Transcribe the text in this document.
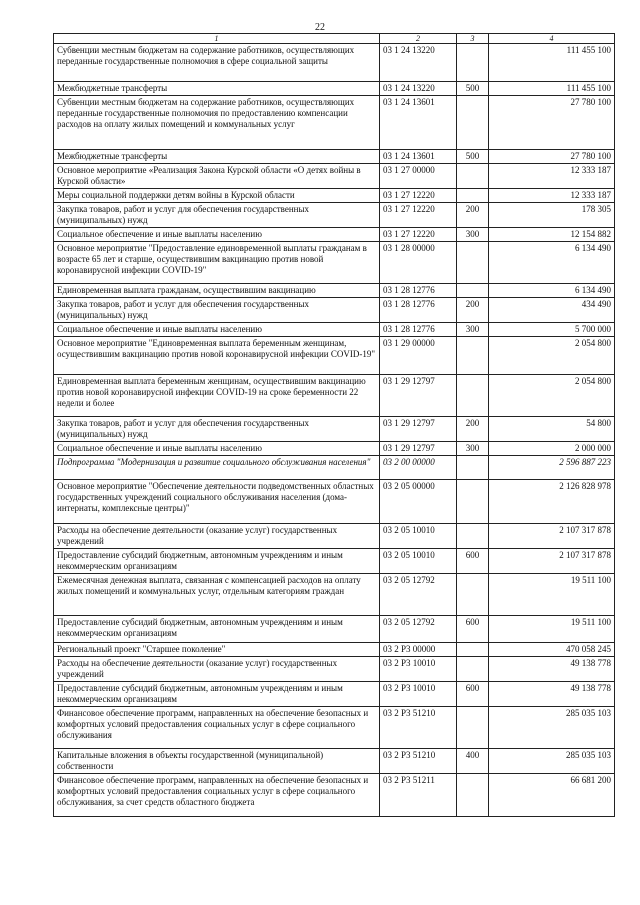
22
1	2	3	4
Субвенции местным бюджетам на содержание работников, осуществляющих переданные государственные полномочия в сфере социальной защиты	03 1 24 13220		111 455 100
Межбюджетные трансферты	03 1 24 13220	500	111 455 100
Субвенции местным бюджетам на содержание работников, осуществляющих переданные государственные полномочия по предоставлению компенсации расходов на оплату жилых помещений и коммунальных услуг	03 1 24 13601		27 780 100
Межбюджетные трансферты	03 1 24 13601	500	27 780 100
Основное мероприятие «Реализация Закона Курской области «О детях войны в Курской области»	03 1 27 00000		12 333 187
Меры социальной поддержки детям войны в Курской области	03 1 27 12220		12 333 187
Закупка товаров, работ и услуг для обеспечения государственных (муниципальных) нужд	03 1 27 12220	200	178 305
Социальное обеспечение и иные выплаты населению	03 1 27 12220	300	12 154 882
Основное мероприятие "Предоставление единовременной выплаты гражданам в возрасте 65 лет и старше, осуществившим вакцинацию против новой коронавирусной инфекции COVID-19"	03 1 28 00000		6 134 490
Единовременная выплата гражданам, осуществившим вакцинацию	03 1 28 12776		6 134 490
Закупка товаров, работ и услуг для обеспечения государственных (муниципальных) нужд	03 1 28 12776	200	434 490
Социальное обеспечение и иные выплаты населению	03 1 28 12776	300	5 700 000
Основное мероприятие "Единовременная выплата беременным женщинам, осуществившим вакцинацию против новой коронавирусной инфекции COVID-19"	03 1 29 00000		2 054 800
Единовременная выплата беременным женщинам, осуществившим вакцинацию против новой коронавирусной инфекции COVID-19 на сроке беременности 22 недели и более	03 1 29 12797		2 054 800
Закупка товаров, работ и услуг для обеспечения государственных (муниципальных) нужд	03 1 29 12797	200	54 800
Социальное обеспечение и иные выплаты населению	03 1 29 12797	300	2 000 000
Подпрограмма "Модернизация и развитие социального обслуживания населения"	03 2 00 00000		2 596 887 223
Основное мероприятие "Обеспечение деятельности подведомственных областных государственных учреждений социального обслуживания населения (дома-интернаты, комплексные центры)"	03 2 05 00000		2 126 828 978
Расходы на обеспечение деятельности (оказание услуг) государственных учреждений	03 2 05 10010		2 107 317 878
Предоставление субсидий бюджетным, автономным учреждениям и иным некоммерческим организациям	03 2 05 10010	600	2 107 317 878
Ежемесячная денежная выплата, связанная с компенсацией расходов на оплату жилых помещений и коммунальных услуг, отдельным категориям граждан	03 2 05 12792		19 511 100
Предоставление субсидий бюджетным, автономным учреждениям и иным некоммерческим организациям	03 2 05 12792	600	19 511 100
Региональный проект "Старшее поколение"	03 2 P3 00000		470 058 245
Расходы на обеспечение деятельности (оказание услуг) государственных учреждений	03 2 P3 10010		49 138 778
Предоставление субсидий бюджетным, автономным учреждениям и иным некоммерческим организациям	03 2 P3 10010	600	49 138 778
Финансовое обеспечение программ, направленных на обеспечение безопасных и комфортных условий предоставления социальных услуг в сфере социального обслуживания	03 2 P3 51210		285 035 103
Капитальные вложения в объекты государственной (муниципальной) собственности	03 2 P3 51210	400	285 035 103
Финансовое обеспечение программ, направленных на обеспечение безопасных и комфортных условий предоставления социальных услуг в сфере социального обслуживания, за счет средств областного бюджета	03 2 P3 51211		66 681 200
